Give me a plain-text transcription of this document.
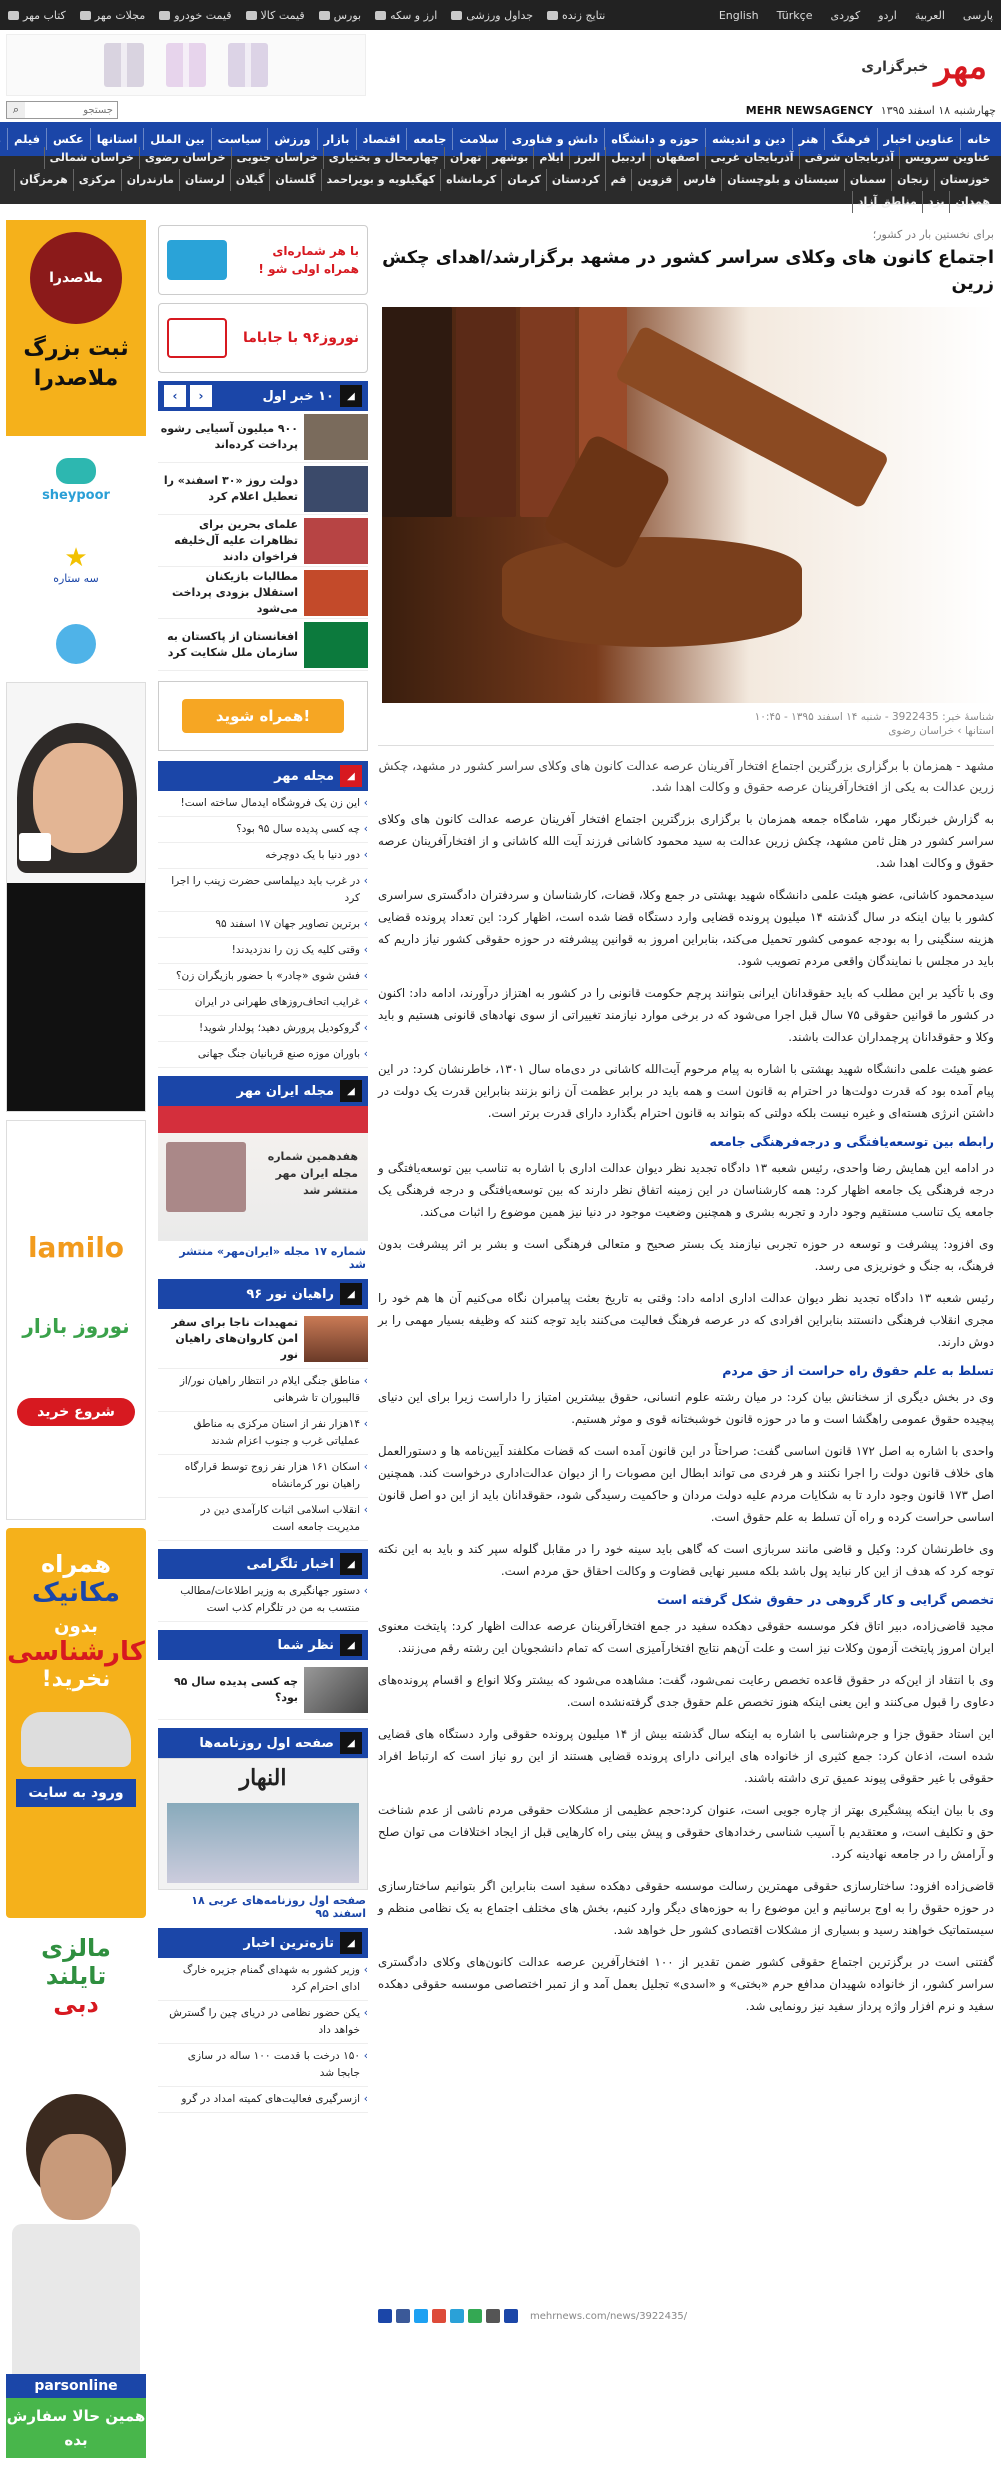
کتاب مهر	مجلات مهر	قیمت خودرو	قیمت کالا	بورس	ارز و سکه	جداول ورزشی	نتایج زنده	پارسی
العربیة
اردو
کوردی
Türkçe
English
مهر
خبرگزاری
چهارشنبه ۱۸ اسفند ۱۳۹۵
MEHR NEWSAGENCY
⌕
جستجو
خانه
عناوین اخبار
فرهنگ
هنر
دین و اندیشه
حوزه و دانشگاه
دانش و فناوری
سلامت
جامعه
اقتصاد
بازار
ورزش
سیاست
بین الملل
استانها
عکس
فیلم
عناوین سرویس
آذربایجان شرقی
آذربایجان غربی
اصفهان
اردبیل
البرز
ایلام
بوشهر
تهران
چهارمحال و بختیاری
خراسان جنوبی
خراسان رضوی
خراسان شمالی
خوزستان
زنجان
سمنان
سیستان و بلوچستان
فارس
قزوین
قم
کردستان
کرمان
کرمانشاه
کهگیلویه و بویراحمد
گلستان
گیلان
لرستان
مازندران
مرکزی
هرمزگان
همدان
یزد
مناطق آزاد
برای نخستین بار در کشور؛
اجتماع کانون های وکلای سراسر کشور در مشهد برگزارشد/اهدای چکش زرین
شناسهٔ خبر: 3922435 - شنبه ۱۴ اسفند ۱۳۹۵ - ۱۰:۴۵
استانها › خراسان رضوی

مشهد - همزمان با برگزاری بزرگترین اجتماع افتخار آفرینان عرصه عدالت کانون های وکلای سراسر کشور در مشهد، چکش زرین عدالت به یکی از افتخارآفرینان عرصه حقوق و وکالت اهدا شد.

به گزارش خبرنگار مهر، شامگاه جمعه همزمان با برگزاری بزرگترین اجتماع افتخار آفرینان عرصه عدالت کانون های وکلای سراسر کشور در هتل ثامن مشهد، چکش زرین عدالت به سید محمود کاشانی فرزند آیت الله کاشانی و از افتخارآفرینان عرصه حقوق و وکالت اهدا شد.

سیدمحمود کاشانی، عضو هیئت علمی دانشگاه شهید بهشتی در جمع وکلا، قضات، کارشناسان و سردفتران دادگستری سراسری کشور با بیان اینکه در سال گذشته ۱۴ میلیون پرونده قضایی وارد دستگاه قضا شده است، اظهار کرد: این تعداد پرونده قضایی هزینه سنگینی را به بودجه عمومی کشور تحمیل می‌کند، بنابراین امروز به قوانین پیشرفته در حوزه حقوقی کشور نیاز داریم که باید در مجلس با نمایندگان واقعی مردم تصویب شود.

وی با تأکید بر این مطلب که باید حقوقدانان ایرانی بتوانند پرچم حکومت قانونی را در کشور به اهتزاز درآورند، ادامه داد: اکنون در کشور ما قوانین حقوقی ۷۵ سال قبل اجرا می‌شود که در برخی موارد نیازمند تغییراتی از سوی نهادهای قانونی هستیم و باید وکلا و حقوقدانان پرچمداران عدالت باشند.

عضو هیئت علمی دانشگاه شهید بهشتی با اشاره به پیام مرحوم آیت‌الله کاشانی در دی‌ماه سال ۱۳۰۱، خاطرنشان کرد: در این پیام آمده بود که قدرت دولت‌ها در احترام به قانون است و همه باید در برابر عظمت آن زانو بزنند بنابراین قدرت یک دولت در داشتن انرژی هسته‌ای و غیره نیست بلکه دولتی که بتواند به قانون احترام بگذارد دارای قدرت برتر است.

رابطه بین توسعه‌یافتگی و درجه‌فرهنگی جامعه

در ادامه این همایش رضا واحدی، رئیس شعبه ۱۳ دادگاه تجدید نظر دیوان عدالت اداری با اشاره به تناسب بین توسعه‌یافتگی و درجه فرهنگی یک جامعه اظهار کرد: همه کارشناسان در این زمینه اتفاق نظر دارند که بین توسعه‌یافتگی و درجه فرهنگی یک جامعه یک تناسب مستقیم وجود دارد و تجربه بشری و همچنین وضعیت موجود در دنیا نیز همین موضوع را اثبات می‌کند.

وی افزود: پیشرفت و توسعه در حوزه تجربی نیازمند یک بستر صحیح و متعالی فرهنگی است و بشر بر اثر پیشرفت بدون فرهنگ، به جنگ و خونریزی می رسد.

رئیس شعبه ۱۳ دادگاه تجدید نظر دیوان عدالت اداری ادامه داد: وقتی به تاریخ بعثت پیامبران نگاه می‌کنیم آن ها هم خود را مجری انقلاب فرهنگی دانستند بنابراین افرادی که در عرصه فرهنگ فعالیت می‌کنند باید توجه کنند که وظیفه بسیار مهمی را بر دوش دارند.

تسلط به علم حقوق راه حراست از حق مردم

وی در بخش دیگری از سخنانش بیان کرد: در میان رشته علوم انسانی، حقوق بیشترین امتیاز را داراست زیرا برای این دنیای پیچیده حقوق عمومی راهگشا است و ما در حوزه قانون خوشبختانه قوی و موثر هستیم.

واحدی با اشاره به اصل ۱۷۲ قانون اساسی گفت: صراحتاً در این قانون آمده است که قضات مکلفند آیین‌نامه ها و دستورالعمل های خلاف قانون دولت را اجرا نکنند و هر فردی می تواند ابطال این مصوبات را از دیوان عدالت‌اداری درخواست کند. همچنین اصل ۱۷۳ قانون وجود دارد تا به شکایات مردم علیه دولت مردان و حاکمیت رسیدگی شود، حقوقدانان باید از این دو اصل قانون اساسی حراست کرده و راه آن تسلط به علم حقوق است.

وی خاطرنشان کرد: وکیل و قاضی مانند سربازی است که گاهی باید سینه خود را در مقابل گلوله سپر کند و باید به این نکته توجه کرد که هدف از این کار نباید پول باشد بلکه مسیر نهایی قضاوت و وکالت احقاق حق مردم است.

تخصص گرایی و کار گروهی در حقوق شکل گرفته است

مجید قاضی‌زاده، دبیر اتاق فکر موسسه حقوقی دهکده سفید در جمع افتخارآفرینان عرصه عدالت اظهار کرد: پایتخت معنوی ایران امروز پایتخت آزمون وکلات نیز است و علت آن‌هم نتایج افتخارآمیزی است که تمام دانشجویان این رشته رقم می‌زنند.

وی با انتقاد از این‌که در حقوق قاعده تخصص رعایت نمی‌شود، گفت: مشاهده می‌شود که بیشتر وکلا انواع و اقسام پرونده‌های دعاوی را قبول می‌کنند و این یعنی اینکه هنوز تخصص علم حقوق جدی گرفته‌نشده است.

این استاد حقوق جزا و جرم‌شناسی با اشاره به اینکه سال گذشته بیش از ۱۴ میلیون پرونده حقوقی وارد دستگاه های قضایی شده است، اذعان کرد: جمع کثیری از خانواده های ایرانی دارای پرونده قضایی هستند از این رو نیاز است که ارتباط افراد حقوقی با غیر حقوقی پیوند عمیق تری داشته باشند.

وی با بیان اینکه پیشگیری بهتر از چاره جویی است، عنوان کرد:حجم عظیمی از مشکلات حقوقی مردم ناشی از عدم شناخت حق و تکلیف است، و معتقدیم با آسیب شناسی رخدادهای حقوقی و پیش بینی راه کارهایی قبل از ایجاد اختلافات می توان صلح و آرامش را در جامعه نهادینه کرد.

قاضی‌زاده افزود: ساختارسازی حقوقی مهمترین رسالت موسسه حقوقی دهکده سفید است بنابراین اگر بتوانیم ساختارسازی در حوزه حقوق را به اوج برسانیم و این موضوع را به حوزه‌های دیگر وارد کنیم، بخش های مختلف اجتماع به یک نظامی منظم و سیستماتیک خواهند رسید و بسیاری از مشکلات اقتصادی کشور حل خواهد شد.

گفتنی است در برگزترین اجتماع حقوقی کشور ضمن تقدیر از ۱۰۰ افتخارآفرین عرصه عدالت کانون‌های وکلای دادگستری سراسر کشور، از خانواده شهیدان مدافع حرم «بختی» و «اسدی» تجلیل بعمل آمد و از تمبر اختصاصی موسسه حقوقی دهکده سفید و نرم افزار واژه پرداز سفید نیز رونمایی شد.

mehrnews.com/news/3922435/
با هر شماره‌ای همراه اولی شو !
نوروز۹۶ با جاباما
◢
۱۰ خبر اول
‹	›
۹۰۰ میلیون آسیایی رشوه پرداخت کرده‌اند
دولت روز «۳۰ اسفند» را تعطیل اعلام کرد
علمای بحرین برای تظاهرات علیه آل‌خلیفه فراخوان دادند
مطالبات بازیکنان استقلال بزودی پرداخت می‌شود
افغانستان از پاکستان به سازمان ملل شکایت کرد
همراه شوید!
◢
مجله مهر
› این زن یک فروشگاه ایدمال ساخته است!
› چه کسی پدیده سال ۹۵ بود؟
› دور دنیا با یک دوچرخه
› در غرب باید دیپلماسی حضرت زینب را اجرا کرد
› برترین تصاویر جهان ۱۷ اسفند ۹۵
› وقتی کلیه یک زن را ندزدیدند!
› فشن شوی «چادر» با حضور بازیگران زن؟
› غرایب اتحاف‌روزهای طهرانی در ایران
› گروکودیل پرورش دهید؛ پولدار شوید!
› باوران موزه صنع قربانیان جنگ جهانی
◢
مجله ایران مهر
هفدهمین شماره مجله ایران مهر منتشر شد
شماره ۱۷ مجله «ایران‌مهر» منتشر شد
◢
راهیان نور ۹۶
تمهیدات ناجا برای سفر امن کاروان‌های راهیان نور
› مناطق جنگی ایلام در انتظار راهیان نور/از قالیبوران تا شرهانی
› ۱۴هزار نفر از استان مرکزی به مناطق عملیاتی غرب و جنوب اعزام شدند
› اسکان ۱۶۱ هزار نفر زوج توسط قرارگاه راهیان نور کرمانشاه
› انقلاب اسلامی اثبات کارآمدی دین در مدیریت جامعه است
◢
اخبار تلگرامی
› دستور جهانگیری به وزیر اطلاعات/مطالب منتسب به من در تلگرام کذب است
◢
نظر شما
چه کسی پدیده سال ۹۵ بود؟
◢
صفحه اول روزنامه‌ها
النهار
صفحه اول روزنامه‌های عربی ۱۸ اسفند ۹۵
◢
تازه‌ترین اخبار
› وزیر کشور به شهدای گمنام جزیره خارگ ادای احترام کرد
› یکن حضور نظامی در دریای چین را گسترش خواهد داد
› ۱۵۰ درخت با قدمت ۱۰۰ ساله در سازی جابجا شد
› ازسرگیری فعالیت‌های کمیته امداد در گرو
ملاصدرا
ثبت بزرگ ملاصدرا
sheypoor
★
سه ستاره
lamilo
نوروز بازار
شروع خرید
همراه
مکانیک
بدون
کارشناسی
نخرید!
ورود به سایت
مالزی
تایلند
دبی
parsonline
همین حالا سفارش بده
